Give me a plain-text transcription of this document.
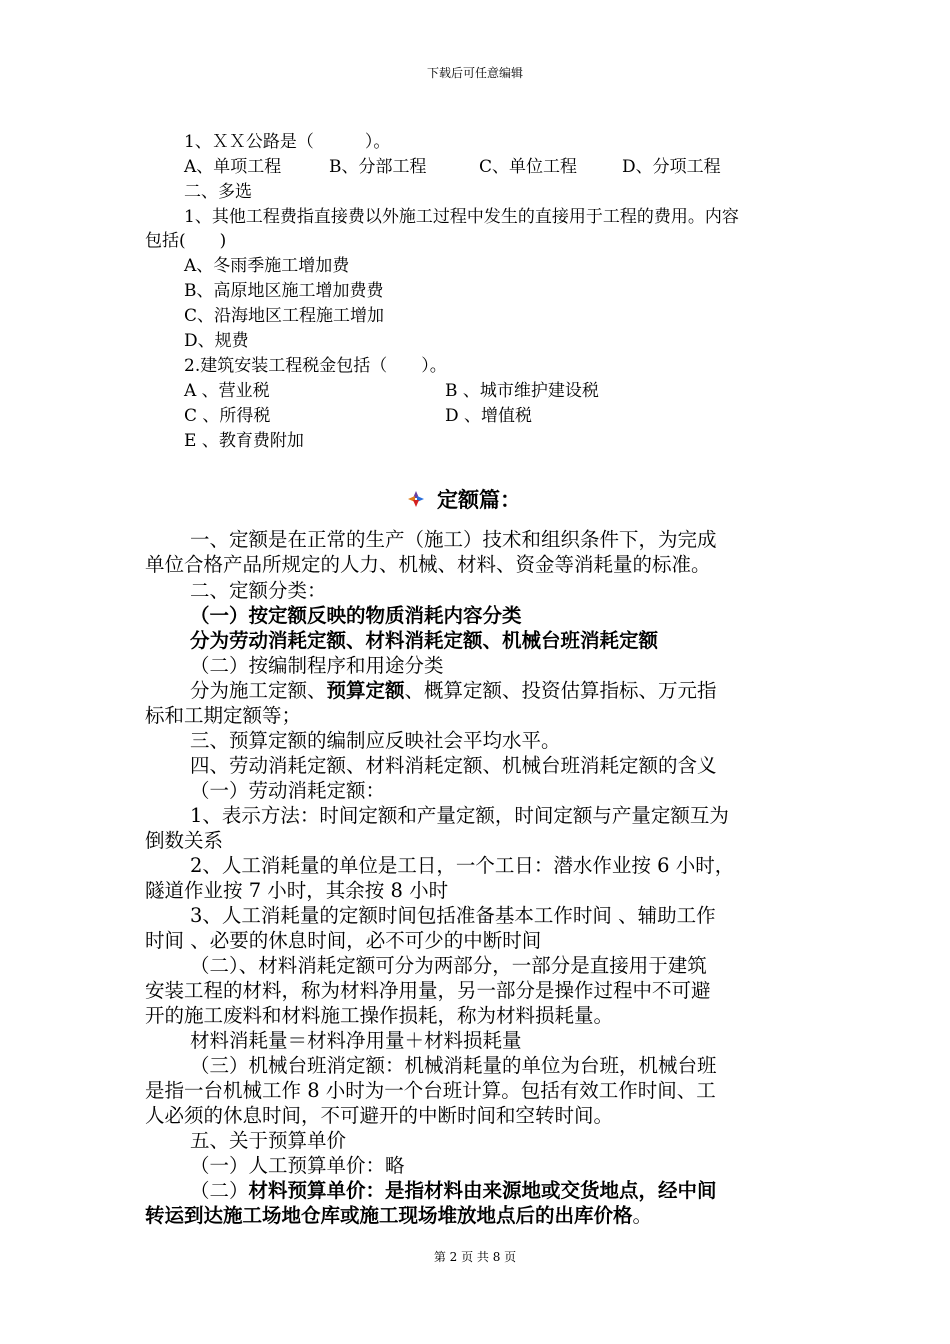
下载后可任意编辑
1、ＸＸ公路是（　　　）。
A、单项工程	B、分部工程	C、单位工程	D、分项工程
二、多选
1、其他工程费指直接费以外施工过程中发生的直接用于工程的费用。内容
包括(　　)
A、冬雨季施工增加费
B、高原地区施工增加费费
C、沿海地区工程施工增加
D、规费
2.建筑安装工程税金包括（　　）。
A 、营业税	B 、城市维护建设税
C 、所得税	D 、增值税
E 、教育费附加
定额篇：
一、定额是在正常的生产（施工）技术和组织条件下，为完成
单位合格产品所规定的人力、机械、材料、资金等消耗量的标准。
二、定额分类：
（一）按定额反映的物质消耗内容分类
分为劳动消耗定额、材料消耗定额、机械台班消耗定额
（二）按编制程序和用途分类
分为施工定额、预算定额、概算定额、投资估算指标、万元指
标和工期定额等；
三、预算定额的编制应反映社会平均水平。
四、劳动消耗定额、材料消耗定额、机械台班消耗定额的含义
（一）劳动消耗定额：
1、表示方法：时间定额和产量定额，时间定额与产量定额互为
倒数关系
2、人工消耗量的单位是工日，一个工日：潜水作业按 6 小时，
隧道作业按 7 小时，其余按 8 小时
3、人工消耗量的定额时间包括准备基本工作时间 、辅助工作
时间 、必要的休息时间，必不可少的中断时间
（二）、材料消耗定额可分为两部分，一部分是直接用于建筑
安装工程的材料，称为材料净用量，另一部分是操作过程中不可避
开的施工废料和材料施工操作损耗，称为材料损耗量。
材料消耗量＝材料净用量＋材料损耗量
（三）机械台班消定额：机械消耗量的单位为台班，机械台班
是指一台机械工作 8 小时为一个台班计算。包括有效工作时间、工
人必须的休息时间，不可避开的中断时间和空转时间。
五、关于预算单价
（一）人工预算单价：略
（二）材料预算单价：是指材料由来源地或交货地点，经中间
转运到达施工场地仓库或施工现场堆放地点后的出库价格。
第 2 页 共 8 页
